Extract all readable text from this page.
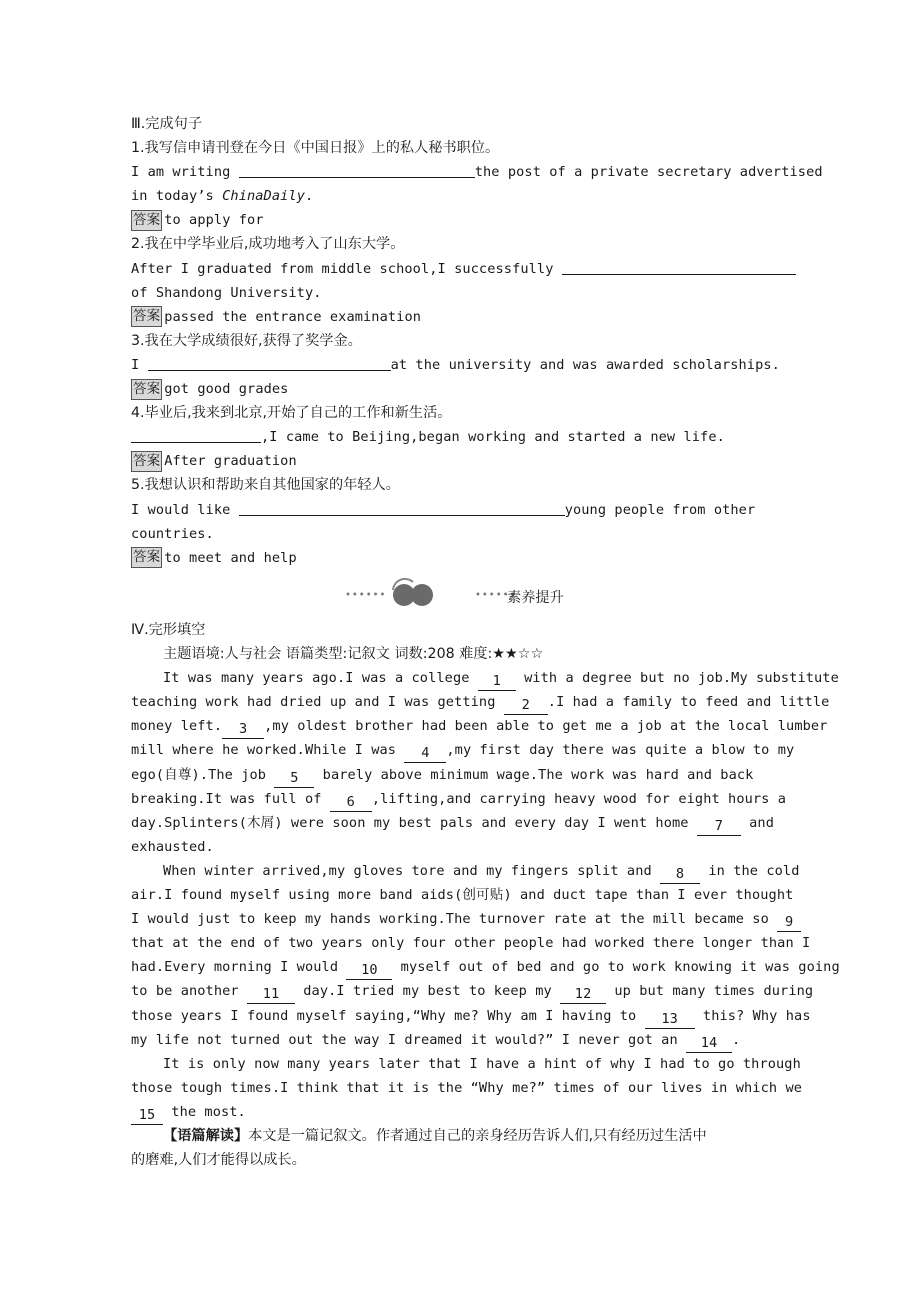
Ⅲ.完成句子
1.我写信申请刊登在今日《中国日报》上的私人秘书职位。
I am writing	the post of a private secretary advertised
in today’s ChinaDaily.
答案 to apply for
2.我在中学毕业后,成功地考入了山东大学。
After I graduated from middle school,I successfully
of Shandong University.
答案 passed the entrance examination
3.我在大学成绩很好,获得了奖学金。
I	at the university and was awarded scholarships.
答案 got good grades
4.毕业后,我来到北京,开始了自己的工作和新生活。
,I came to Beijing,began working and started a new life.
答案 After graduation
5.我想认识和帮助来自其他国家的年轻人。
I would like	young people from other
countries.
答案 to meet and help
••••••	••••••
素养提升
Ⅳ.完形填空
主题语境:人与社会 语篇类型:记叙文 词数:208 难度:★★☆☆
It was many years ago.I was a college 1 with a degree but no job.My substitute
teaching work had dried up and I was getting 2 .I had a family to feed and little
money left. 3 ,my oldest brother had been able to get me a job at the local lumber
mill where he worked.While I was 4 ,my first day there was quite a blow to my
ego(自尊).The job 5 barely above minimum wage.The work was hard and back
breaking.It was full of 6 ,lifting,and carrying heavy wood for eight hours a
day.Splinters(木屑) were soon my best pals and every day I went home 7 and
exhausted.
When winter arrived,my gloves tore and my fingers split and 8 in the cold
air.I found myself using more band aids(创可贴) and duct tape than I ever thought
I would just to keep my hands working.The turnover rate at the mill became so 9
that at the end of two years only four other people had worked there longer than I
had.Every morning I would 10 myself out of bed and go to work knowing it was going
to be another 11 day.I tried my best to keep my 12 up but many times during
those years I found myself saying,“Why me? Why am I having to 13 this? Why has
my life not turned out the way I dreamed it would?” I never got an 14 .
It is only now many years later that I have a hint of why I had to go through
those tough times.I think that it is the “Why me?” times of our lives in which we
15 the most.
【语篇解读】本文是一篇记叙文。作者通过自己的亲身经历告诉人们,只有经历过生活中
的磨难,人们才能得以成长。
